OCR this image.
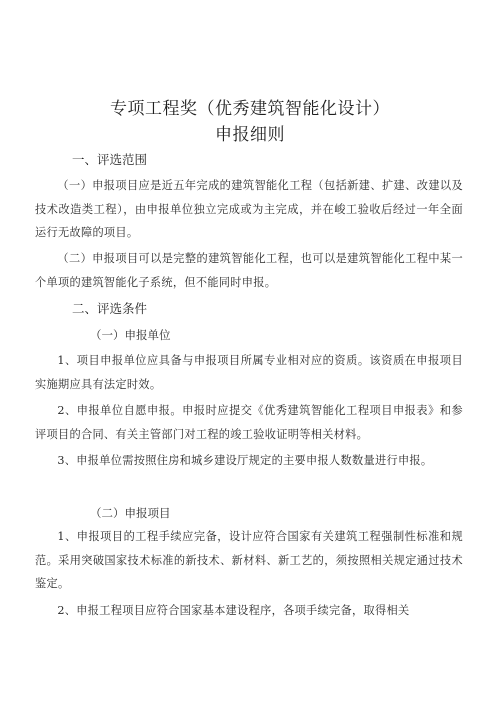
专项工程奖（优秀建筑智能化设计）
申报细则
一、评选范围
（一）申报项目应是近五年完成的建筑智能化工程（包括新建、扩建、改建以及技术改造类工程），由申报单位独立完成或为主完成，并在峻工验收后经过一年全面运行无故障的项目。
（二）申报项目可以是完整的建筑智能化工程，也可以是建筑智能化工程中某一个单项的建筑智能化子系统，但不能同时申报。
二、评选条件
（一）申报单位
1、项目申报单位应具备与申报项目所属专业相对应的资质。该资质在申报项目实施期应具有法定时效。
2、申报单位自愿申报。申报时应提交《优秀建筑智能化工程项目申报表》和参评项目的合同、有关主管部门对工程的竣工验收证明等相关材料。
3、申报单位需按照住房和城乡建设厅规定的主要申报人数数量进行申报。
（二）申报项目
1、申报项目的工程手续应完备，设计应符合国家有关建筑工程强制性标准和规范。采用突破国家技术标准的新技术、新材料、新工艺的，须按照相关规定通过技术鉴定。
2、申报工程项目应符合国家基本建设程序，各项手续完备，取得相关
